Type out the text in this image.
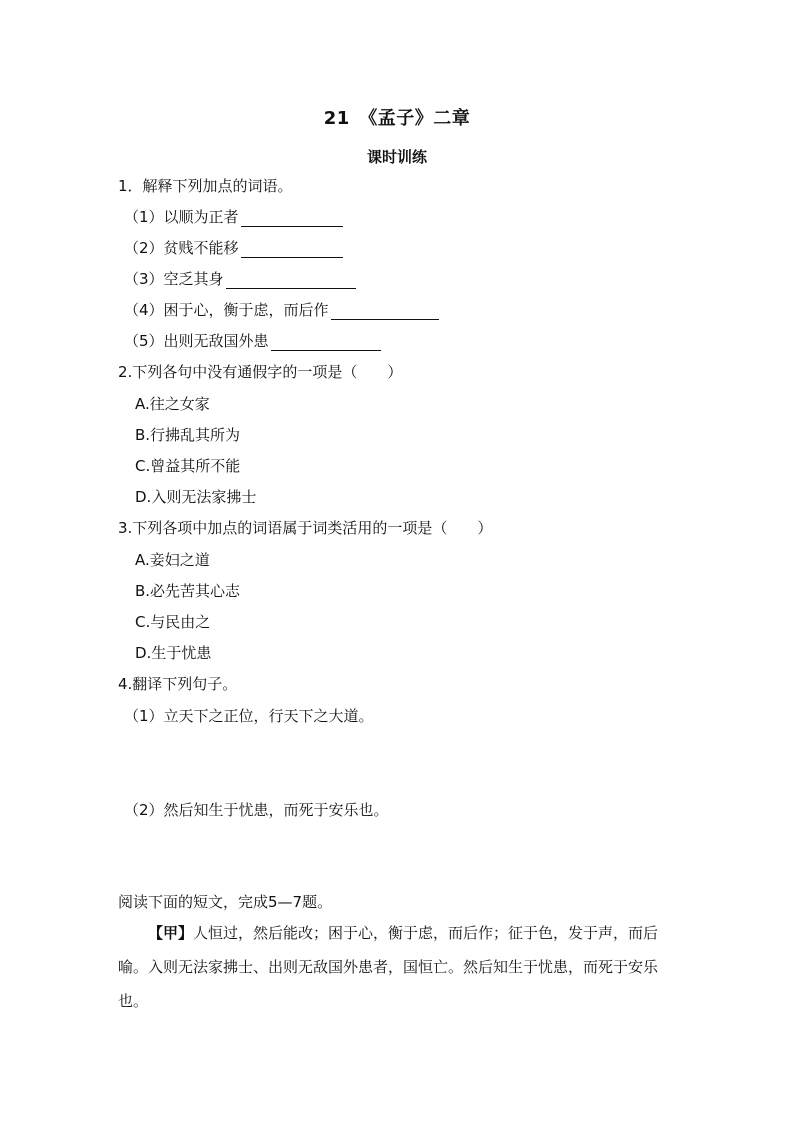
21　《孟子》二章
课时训练
1．解释下列加点的词语。
（1）以顺为正者
（2）贫贱不能移
（3）空乏其身
（4）困于心，衡于虑，而后作
（5）出则无敌国外患
2.下列各句中没有通假字的一项是（　　）
A.往之女家
B.行拂乱其所为
C.曾益其所不能
D.入则无法家拂士
3.下列各项中加点的词语属于词类活用的一项是（　　）
A.妾妇之道
B.必先苦其心志
C.与民由之
D.生于忧患
4.翻译下列句子。
（1）立天下之正位，行天下之大道。
（2）然后知生于忧患，而死于安乐也。
阅读下面的短文，完成5—7题。
【甲】人恒过，然后能改；困于心，衡于虑，而后作；征于色，发于声，而后喻。入则无法家拂士、出则无敌国外患者，国恒亡。然后知生于忧患，而死于安乐也。
